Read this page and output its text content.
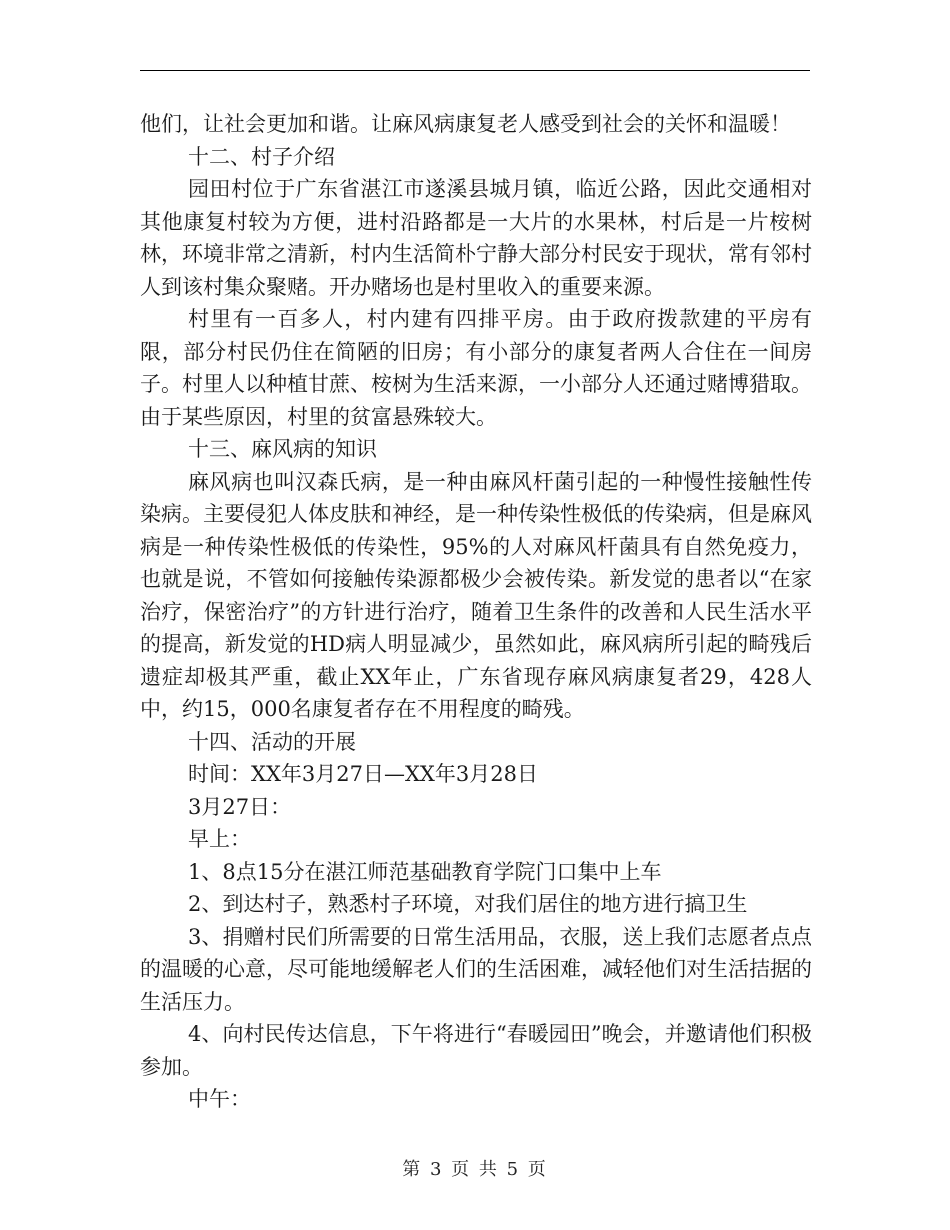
他们，让社会更加和谐。让麻风病康复老人感受到社会的关怀和温暖！

十二、村子介绍

园田村位于广东省湛江市遂溪县城月镇，临近公路，因此交通相对其他康复村较为方便，进村沿路都是一大片的水果林，村后是一片桉树林，环境非常之清新，村内生活简朴宁静大部分村民安于现状，常有邻村人到该村集众聚赌。开办赌场也是村里收入的重要来源。

村里有一百多人，村内建有四排平房。由于政府拨款建的平房有限，部分村民仍住在简陋的旧房；有小部分的康复者两人合住在一间房子。村里人以种植甘蔗、桉树为生活来源，一小部分人还通过赌博猎取。由于某些原因，村里的贫富悬殊较大。

十三、麻风病的知识

麻风病也叫汉森氏病，是一种由麻风杆菌引起的一种慢性接触性传染病。主要侵犯人体皮肤和神经，是一种传染性极低的传染病，但是麻风病是一种传染性极低的传染性，95%的人对麻风杆菌具有自然免疫力，也就是说，不管如何接触传染源都极少会被传染。新发觉的患者以“在家治疗，保密治疗”的方针进行治疗，随着卫生条件的改善和人民生活水平的提高，新发觉的HD病人明显减少，虽然如此，麻风病所引起的畸残后遗症却极其严重，截止XX年止，广东省现存麻风病康复者29，428人中，约15，000名康复者存在不用程度的畸残。

十四、活动的开展

时间：XX年3月27日—XX年3月28日

3月27日：

早上：

1、8点15分在湛江师范基础教育学院门口集中上车

2、到达村子，熟悉村子环境，对我们居住的地方进行搞卫生

3、捐赠村民们所需要的日常生活用品，衣服，送上我们志愿者点点的温暖的心意，尽可能地缓解老人们的生活困难，减轻他们对生活拮据的生活压力。

4、向村民传达信息，下午将进行“春暖园田”晚会，并邀请他们积极参加。

中午：

第 3 页 共 5 页
